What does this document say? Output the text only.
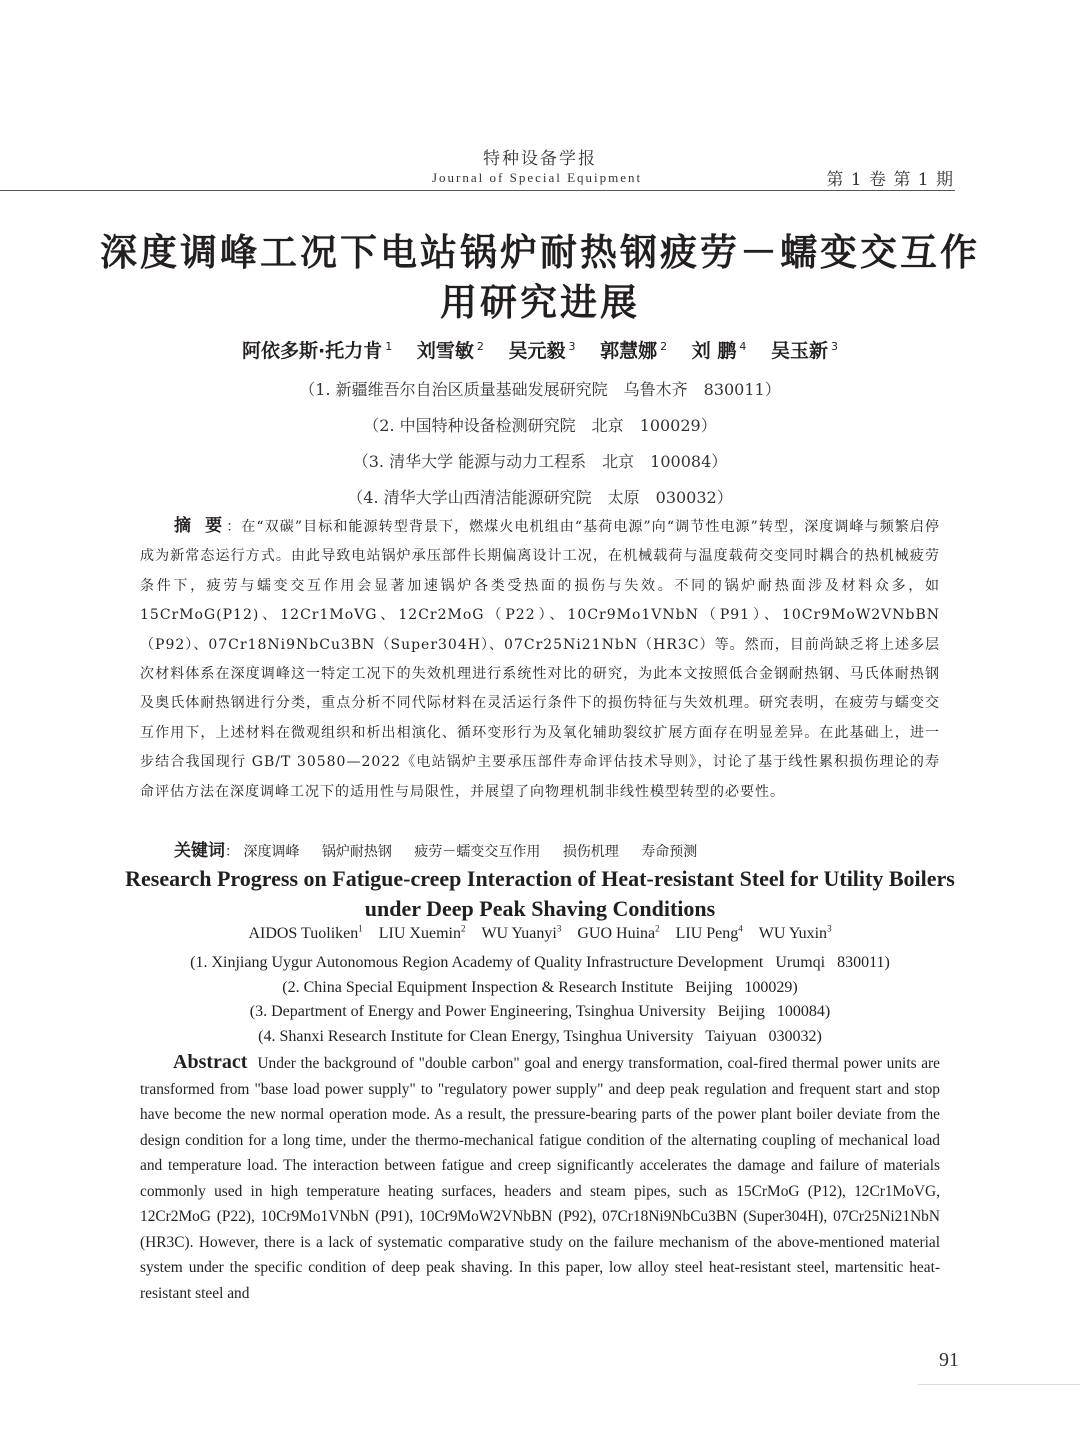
特种设备学报
Journal of Special Equipment	第 1 卷 第 1 期
深度调峰工况下电站锅炉耐热钢疲劳－蠕变交互作用研究进展
阿依多斯·托力肯 $^1$ 刘雪敏 $^2$ 吴元毅 $^3$ 郭慧娜 $^2$ 刘 鹏 $^4$ 吴玉新 $^3$
（1. 新疆维吾尔自治区质量基础发展研究院　乌鲁木齐　830011）
（2. 中国特种设备检测研究院　北京　100029）
（3. 清华大学 能源与动力工程系　北京　100084）
（4. 清华大学山西清洁能源研究院　太原　030032）
摘 要：在“双碳”目标和能源转型背景下，燃煤火电机组由“基荷电源”向“调节性电源”转型，深度调峰与频繁启停成为新常态运行方式。由此导致电站锅炉承压部件长期偏离设计工况，在机械载荷与温度载荷交变同时耦合的热机械疲劳条件下，疲劳与蠕变交互作用会显著加速锅炉各类受热面的损伤与失效。不同的锅炉耐热面涉及材料众多，如 15CrMoG(P12)、12Cr1MoVG、12Cr2MoG（P22）、10Cr9Mo1VNbN（P91）、10Cr9MoW2VNbBN（P92）、07Cr18Ni9NbCu3BN（Super304H）、07Cr25Ni21NbN（HR3C）等。然而，目前尚缺乏将上述多层次材料体系在深度调峰这一特定工况下的失效机理进行系统性对比的研究，为此本文按照低合金钢耐热钢、马氏体耐热钢及奥氏体耐热钢进行分类，重点分析不同代际材料在灵活运行条件下的损伤特征与失效机理。研究表明，在疲劳与蠕变交互作用下，上述材料在微观组织和析出相演化、循环变形行为及氧化辅助裂纹扩展方面存在明显差异。在此基础上，进一步结合我国现行 GB/T 30580—2022《电站锅炉主要承压部件寿命评估技术导则》，讨论了基于线性累积损伤理论的寿命评估方法在深度调峰工况下的适用性与局限性，并展望了向物理机制非线性模型转型的必要性。
关键词： 深度调峰 锅炉耐热钢 疲劳－蠕变交互作用 损伤机理 寿命预测
Research Progress on Fatigue-creep Interaction of Heat-resistant Steel for Utility Boilers under Deep Peak Shaving Conditions
AIDOS Tuoliken$^1$ LIU Xuemin$^2$ WU Yuanyi$^3$ GUO Huina$^2$ LIU Peng$^4$ WU Yuxin$^3$
(1. Xinjiang Uygur Autonomous Region Academy of Quality Infrastructure Development   Urumqi   830011)
(2. China Special Equipment Inspection & Research Institute   Beijing   100029)
(3. Department of Energy and Power Engineering, Tsinghua University   Beijing   100084)
(4. Shanxi Research Institute for Clean Energy, Tsinghua University   Taiyuan   030032)
Abstract Under the background of "double carbon" goal and energy transformation, coal-fired thermal power units are transformed from "base load power supply" to "regulatory power supply" and deep peak regulation and frequent start and stop have become the new normal operation mode. As a result, the pressure-bearing parts of the power plant boiler deviate from the design condition for a long time, under the thermo-mechanical fatigue condition of the alternating coupling of mechanical load and temperature load. The interaction between fatigue and creep significantly accelerates the damage and failure of materials commonly used in high temperature heating surfaces, headers and steam pipes, such as 15CrMoG (P12), 12Cr1MoVG, 12Cr2MoG (P22), 10Cr9Mo1VNbN (P91), 10Cr9MoW2VNbBN (P92), 07Cr18Ni9NbCu3BN (Super304H), 07Cr25Ni21NbN (HR3C). However, there is a lack of systematic comparative study on the failure mechanism of the above-mentioned material system under the specific condition of deep peak shaving. In this paper, low alloy steel heat-resistant steel, martensitic heat-resistant steel and
91
